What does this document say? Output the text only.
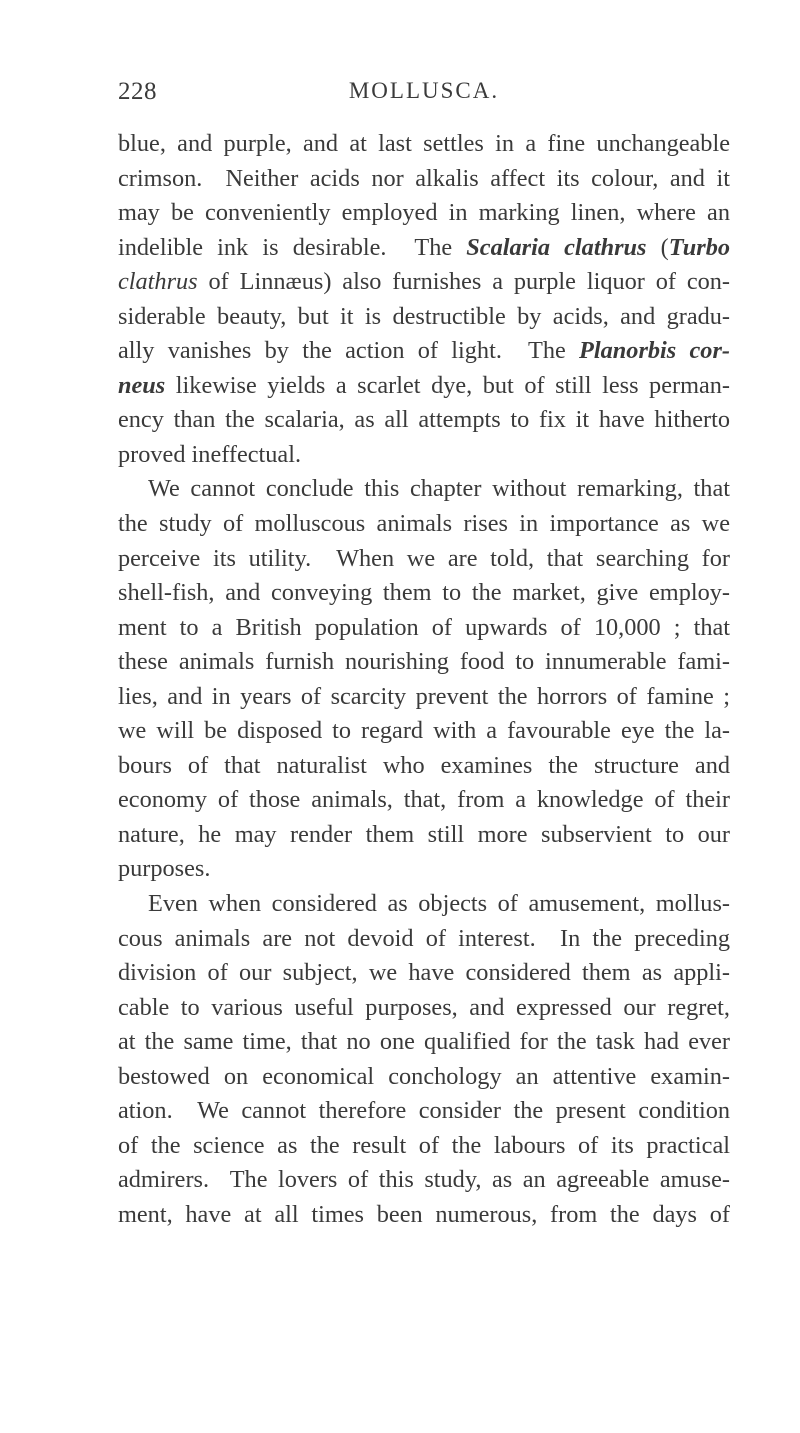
228	MOLLUSCA.
blue, and purple, and at last settles in a fine unchangeable
crimson.  Neither acids nor alkalis affect its colour, and it
may be conveniently employed in marking linen, where an
indelible ink is desirable.  The Scalaria clathrus (Turbo
clathrus of Linnæus) also furnishes a purple liquor of con-
siderable beauty, but it is destructible by acids, and gradu-
ally vanishes by the action of light.  The Planorbis cor-
neus likewise yields a scarlet dye, but of still less perman-
ency than the scalaria, as all attempts to fix it have hitherto
proved ineffectual.
We cannot conclude this chapter without remarking, that
the study of molluscous animals rises in importance as we
perceive its utility.  When we are told, that searching for
shell-fish, and conveying them to the market, give employ-
ment to a British population of upwards of 10,000 ; that
these animals furnish nourishing food to innumerable fami-
lies, and in years of scarcity prevent the horrors of famine ;
we will be disposed to regard with a favourable eye the la-
bours of that naturalist who examines the structure and
economy of those animals, that, from a knowledge of their
nature, he may render them still more subservient to our
purposes.
Even when considered as objects of amusement, mollus-
cous animals are not devoid of interest.  In the preceding
division of our subject, we have considered them as appli-
cable to various useful purposes, and expressed our regret,
at the same time, that no one qualified for the task had ever
bestowed on economical conchology an attentive examin-
ation.  We cannot therefore consider the present condition
of the science as the result of the labours of its practical
admirers.  The lovers of this study, as an agreeable amuse-
ment, have at all times been numerous, from the days of
